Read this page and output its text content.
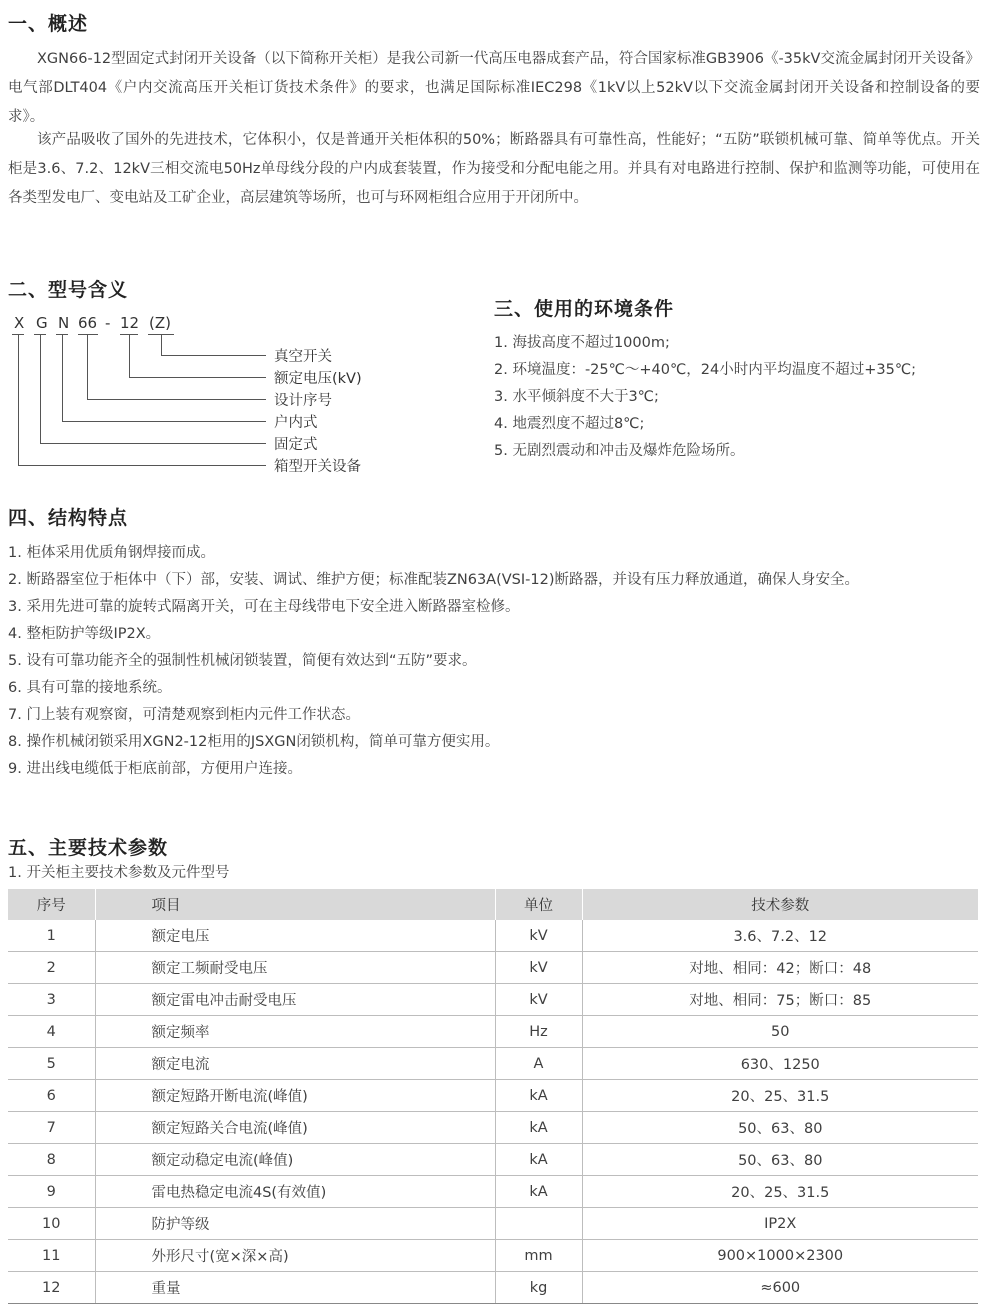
一、概述

XGN66-12型固定式封闭开关设备（以下简称开关柜）是我公司新一代高压电器成套产品，符合国家标准GB3906《-35kV交流金属封闭开关设备》电气部DLT404《户内交流高压开关柜订货技术条件》的要求，也满足国际标准IEC298《1kV以上52kV以下交流金属封闭开关设备和控制设备的要求》。

该产品吸收了国外的先进技术，它体积小，仅是普通开关柜体积的50%；断路器具有可靠性高，性能好；“五防”联锁机械可靠、简单等优点。开关柜是3.6、7.2、12kV三相交流电50Hz单母线分段的户内成套装置，作为接受和分配电能之用。并具有对电路进行控制、保护和监测等功能，可使用在各类型发电厂、变电站及工矿企业，高层建筑等场所，也可与环网柜组合应用于开闭所中。

二、型号含义
X G N 66 - 12 (Z)
真空开关
额定电压(kV)
设计序号
户内式
固定式
箱型开关设备
三、使用的环境条件
1. 海拔高度不超过1000m;
2. 环境温度：-25℃～+40℃，24小时内平均温度不超过+35℃;
3. 水平倾斜度不大于3℃;
4. 地震烈度不超过8℃;
5. 无剧烈震动和冲击及爆炸危险场所。
四、结构特点
1. 柜体采用优质角钢焊接而成。
2. 断路器室位于柜体中（下）部，安装、调试、维护方便；标准配装ZN63A(VSI-12)断路器，并设有压力释放通道，确保人身安全。
3. 采用先进可靠的旋转式隔离开关，可在主母线带电下安全进入断路器室检修。
4. 整柜防护等级IP2X。
5. 设有可靠功能齐全的强制性机械闭锁装置，简便有效达到“五防”要求。
6. 具有可靠的接地系统。
7. 门上装有观察窗，可清楚观察到柜内元件工作状态。
8. 操作机械闭锁采用XGN2-12柜用的JSXGN闭锁机构，简单可靠方便实用。
9. 进出线电缆低于柜底前部，方便用户连接。
五、主要技术参数

1. 开关柜主要技术参数及元件型号

序号	项目	单位	技术参数
1	额定电压	kV	3.6、7.2、12
2	额定工频耐受电压	kV	对地、相同：42；断口：48
3	额定雷电冲击耐受电压	kV	对地、相同：75；断口：85
4	额定频率	Hz	50
5	额定电流	A	630、1250
6	额定短路开断电流(峰值)	kA	20、25、31.5
7	额定短路关合电流(峰值)	kA	50、63、80
8	额定动稳定电流(峰值)	kA	50、63、80
9	雷电热稳定电流4S(有效值)	kA	20、25、31.5
10	防护等级		IP2X
11	外形尺寸(宽×深×高)	mm	900×1000×2300
12	重量	kg	≈600
